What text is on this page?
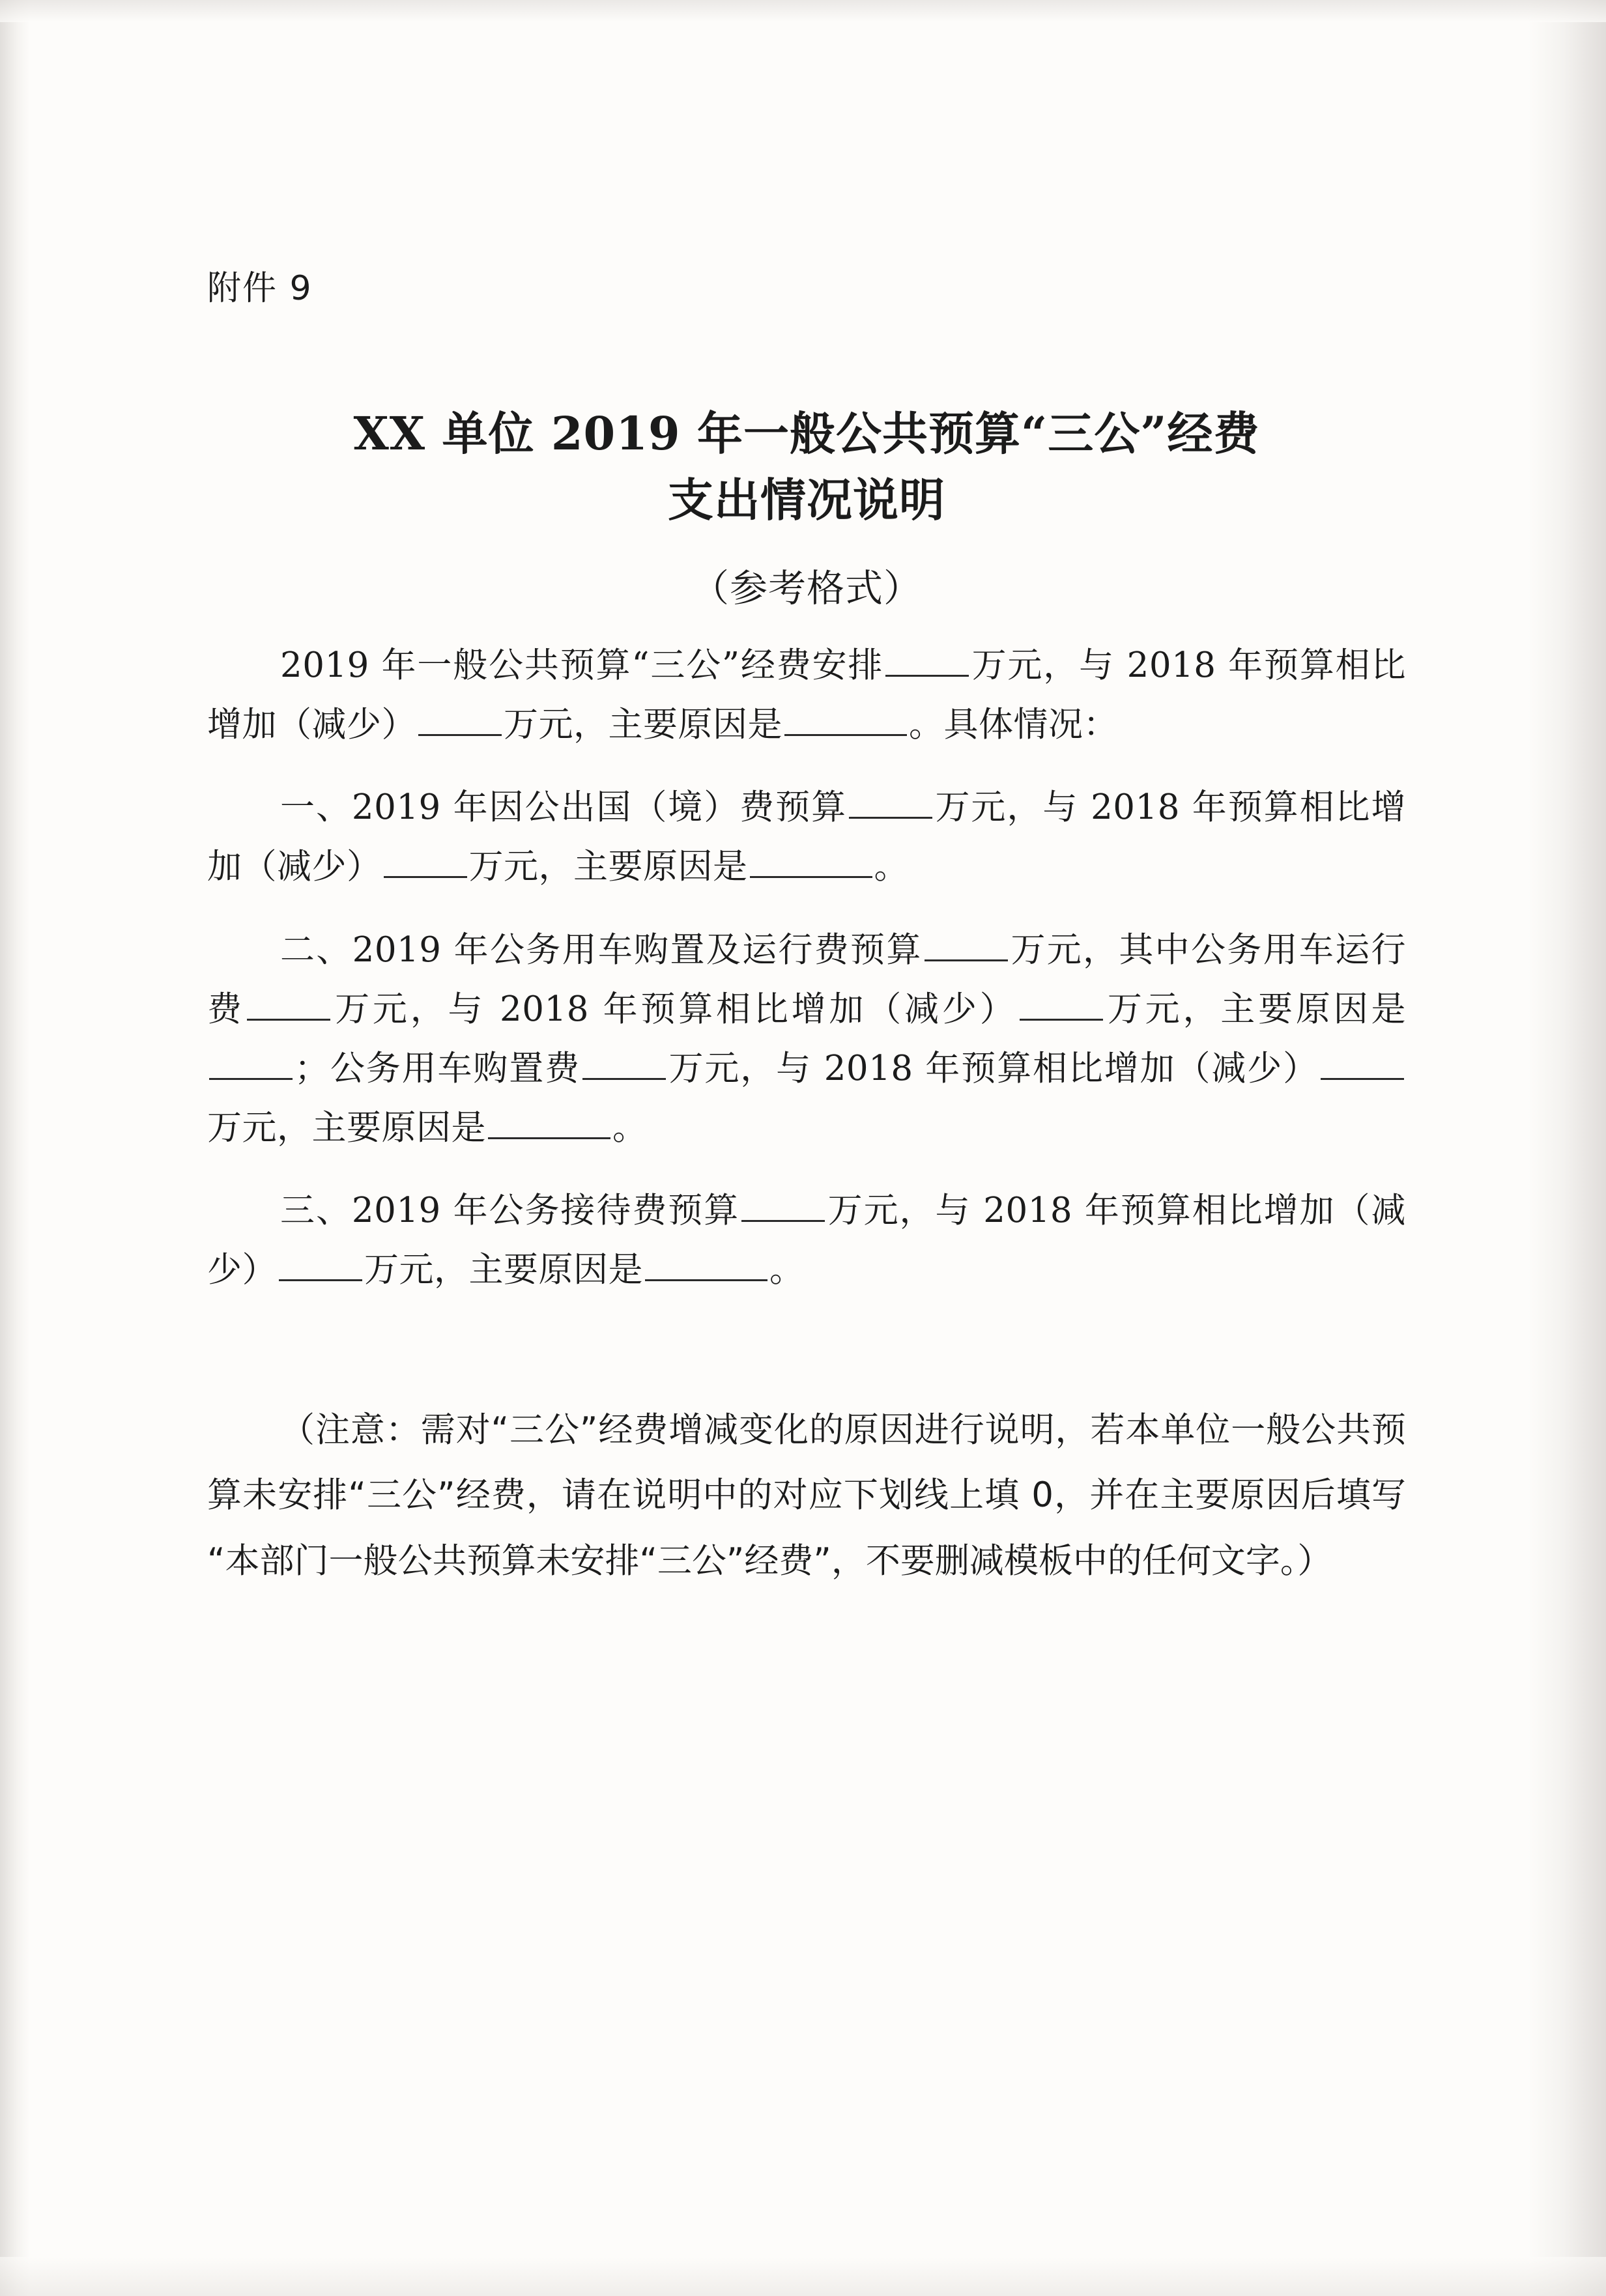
附件 9
XX 单位 2019 年一般公共预算“三公”经费
支出情况说明
（参考格式）
2019 年一般公共预算“三公”经费安排	万元，与 2018 年预算相比增加（减少）	万元，主要原因是	。具体情况：
一、2019 年因公出国（境）费预算	万元，与 2018 年预算相比增加（减少）	万元，主要原因是	。
二、2019 年公务用车购置及运行费预算	万元，其中公务用车运行费	万元，与 2018 年预算相比增加（减少）	万元，主要原因是；公务用车购置费	万元，与 2018 年预算相比增加（减少）万元，主要原因是	。
三、2019 年公务接待费预算	万元，与 2018 年预算相比增加（减少）	万元，主要原因是	。
（注意：需对“三公”经费增减变化的原因进行说明，若本单位一般公共预算未安排“三公”经费，请在说明中的对应下划线上填 0，并在主要原因后填写“本部门一般公共预算未安排“三公”经费”，不要删减模板中的任何文字。）
